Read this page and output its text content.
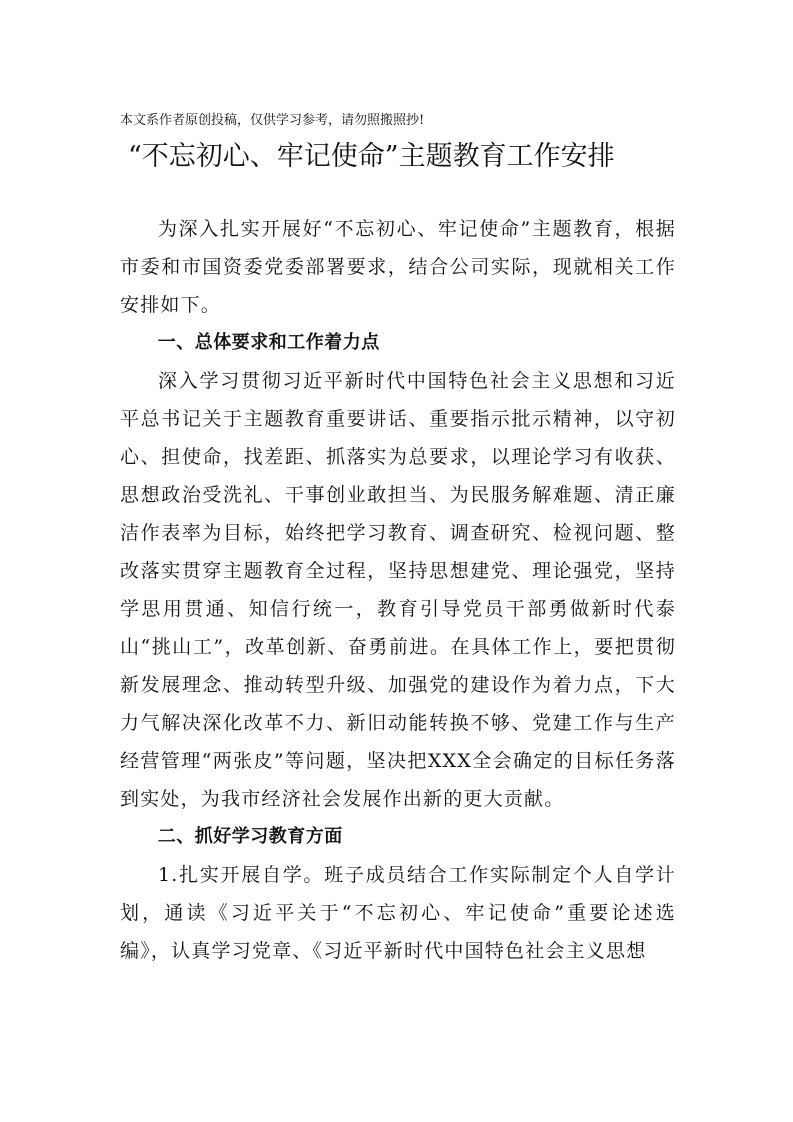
本文系作者原创投稿，仅供学习参考，请勿照搬照抄!
“不忘初心、牢记使命”主题教育工作安排

为深入扎实开展好“不忘初心、牢记使命”主题教育，根据市委和市国资委党委部署要求，结合公司实际，现就相关工作安排如下。

一、总体要求和工作着力点

深入学习贯彻习近平新时代中国特色社会主义思想和习近平总书记关于主题教育重要讲话、重要指示批示精神，以守初心、担使命，找差距、抓落实为总要求，以理论学习有收获、思想政治受洗礼、干事创业敢担当、为民服务解难题、清正廉洁作表率为目标，始终把学习教育、调查研究、检视问题、整改落实贯穿主题教育全过程，坚持思想建党、理论强党，坚持学思用贯通、知信行统一，教育引导党员干部勇做新时代泰山“挑山工”，改革创新、奋勇前进。在具体工作上，要把贯彻新发展理念、推动转型升级、加强党的建设作为着力点，下大力气解决深化改革不力、新旧动能转换不够、党建工作与生产经营管理“两张皮”等问题，坚决把XXX全会确定的目标任务落到实处，为我市经济社会发展作出新的更大贡献。

二、抓好学习教育方面

1.扎实开展自学。班子成员结合工作实际制定个人自学计划，通读《习近平关于“不忘初心、牢记使命”重要论述选编》，认真学习党章、《习近平新时代中国特色社会主义思想
